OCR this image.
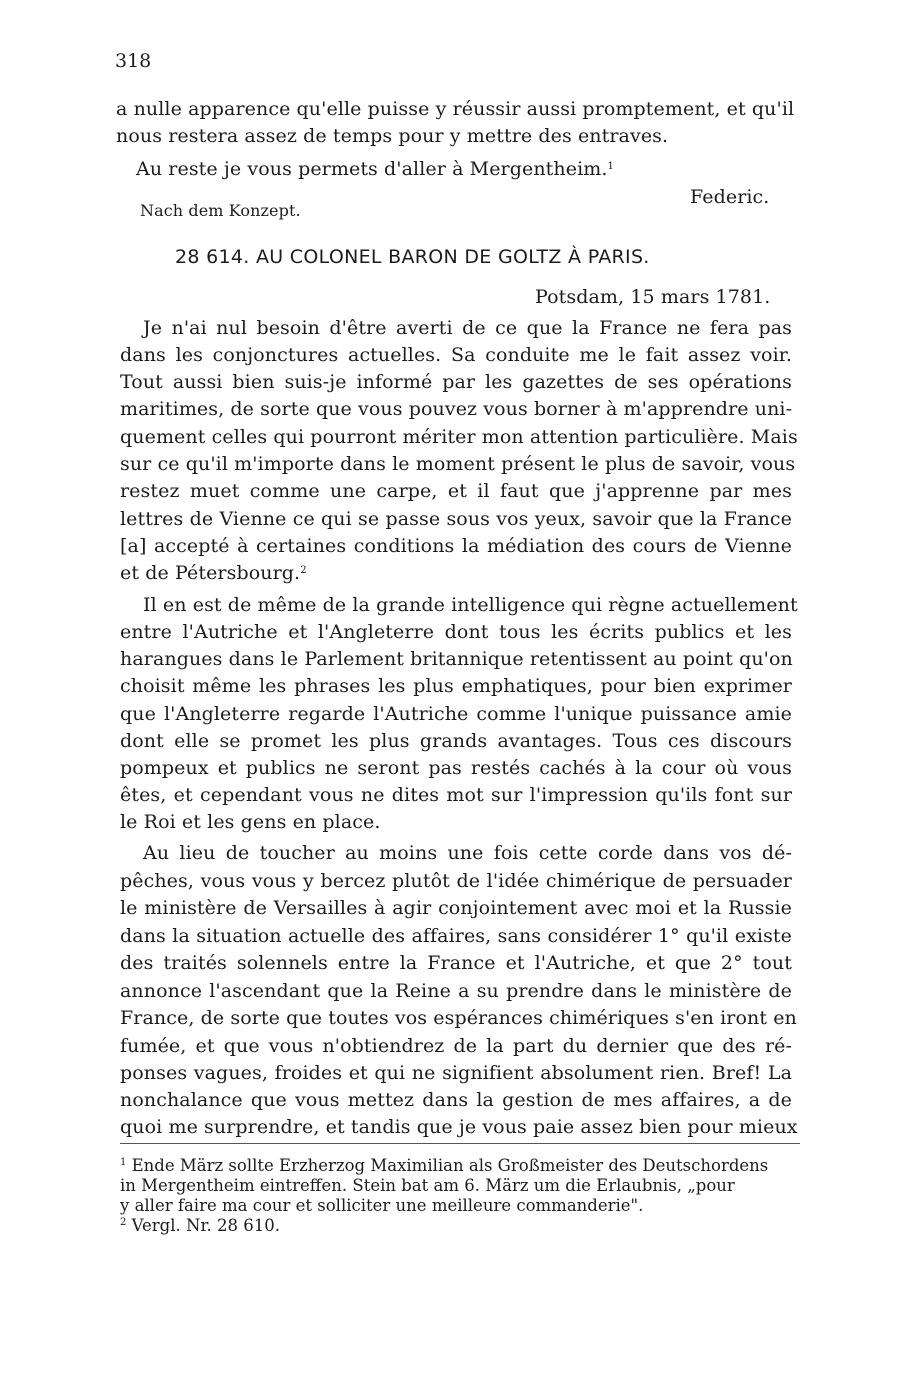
318
a nulle apparence qu'elle puisse y réussir aussi promptement, et qu'il
nous restera assez de temps pour y mettre des entraves.
Au reste je vous permets d'aller à Mergentheim.$^1$
Federic.
Nach dem Konzept.
28 614. AU COLONEL BARON DE GOLTZ À PARIS.
Potsdam, 15 mars 1781.
Je n'ai nul besoin d'être averti de ce que la France ne fera pas
dans les conjonctures actuelles. Sa conduite me le fait assez voir.
Tout aussi bien suis-je informé par les gazettes de ses opérations
maritimes, de sorte que vous pouvez vous borner à m'apprendre uni-
quement celles qui pourront mériter mon attention particulière. Mais
sur ce qu'il m'importe dans le moment présent le plus de savoir, vous
restez muet comme une carpe, et il faut que j'apprenne par mes
lettres de Vienne ce qui se passe sous vos yeux, savoir que la France
[a] accepté à certaines conditions la médiation des cours de Vienne
et de Pétersbourg.$^2$
Il en est de même de la grande intelligence qui règne actuellement
entre l'Autriche et l'Angleterre dont tous les écrits publics et les
harangues dans le Parlement britannique retentissent au point qu'on
choisit même les phrases les plus emphatiques, pour bien exprimer
que l'Angleterre regarde l'Autriche comme l'unique puissance amie
dont elle se promet les plus grands avantages. Tous ces discours
pompeux et publics ne seront pas restés cachés à la cour où vous
êtes, et cependant vous ne dites mot sur l'impression qu'ils font sur
le Roi et les gens en place.
Au lieu de toucher au moins une fois cette corde dans vos dé-
pêches, vous vous y bercez plutôt de l'idée chimérique de persuader
le ministère de Versailles à agir conjointement avec moi et la Russie
dans la situation actuelle des affaires, sans considérer 1° qu'il existe
des traités solennels entre la France et l'Autriche, et que 2° tout
annonce l'ascendant que la Reine a su prendre dans le ministère de
France, de sorte que toutes vos espérances chimériques s'en iront en
fumée, et que vous n'obtiendrez de la part du dernier que des ré-
ponses vagues, froides et qui ne signifient absolument rien. Bref! La
nonchalance que vous mettez dans la gestion de mes affaires, a de
quoi me surprendre, et tandis que je vous paie assez bien pour mieux
$^1$ Ende März sollte Erzherzog Maximilian als Großmeister des Deutschordens
in Mergentheim eintreffen. Stein bat am 6. März um die Erlaubnis, „pour
y aller faire ma cour et solliciter une meilleure commanderie".
$^2$ Vergl. Nr. 28 610.
